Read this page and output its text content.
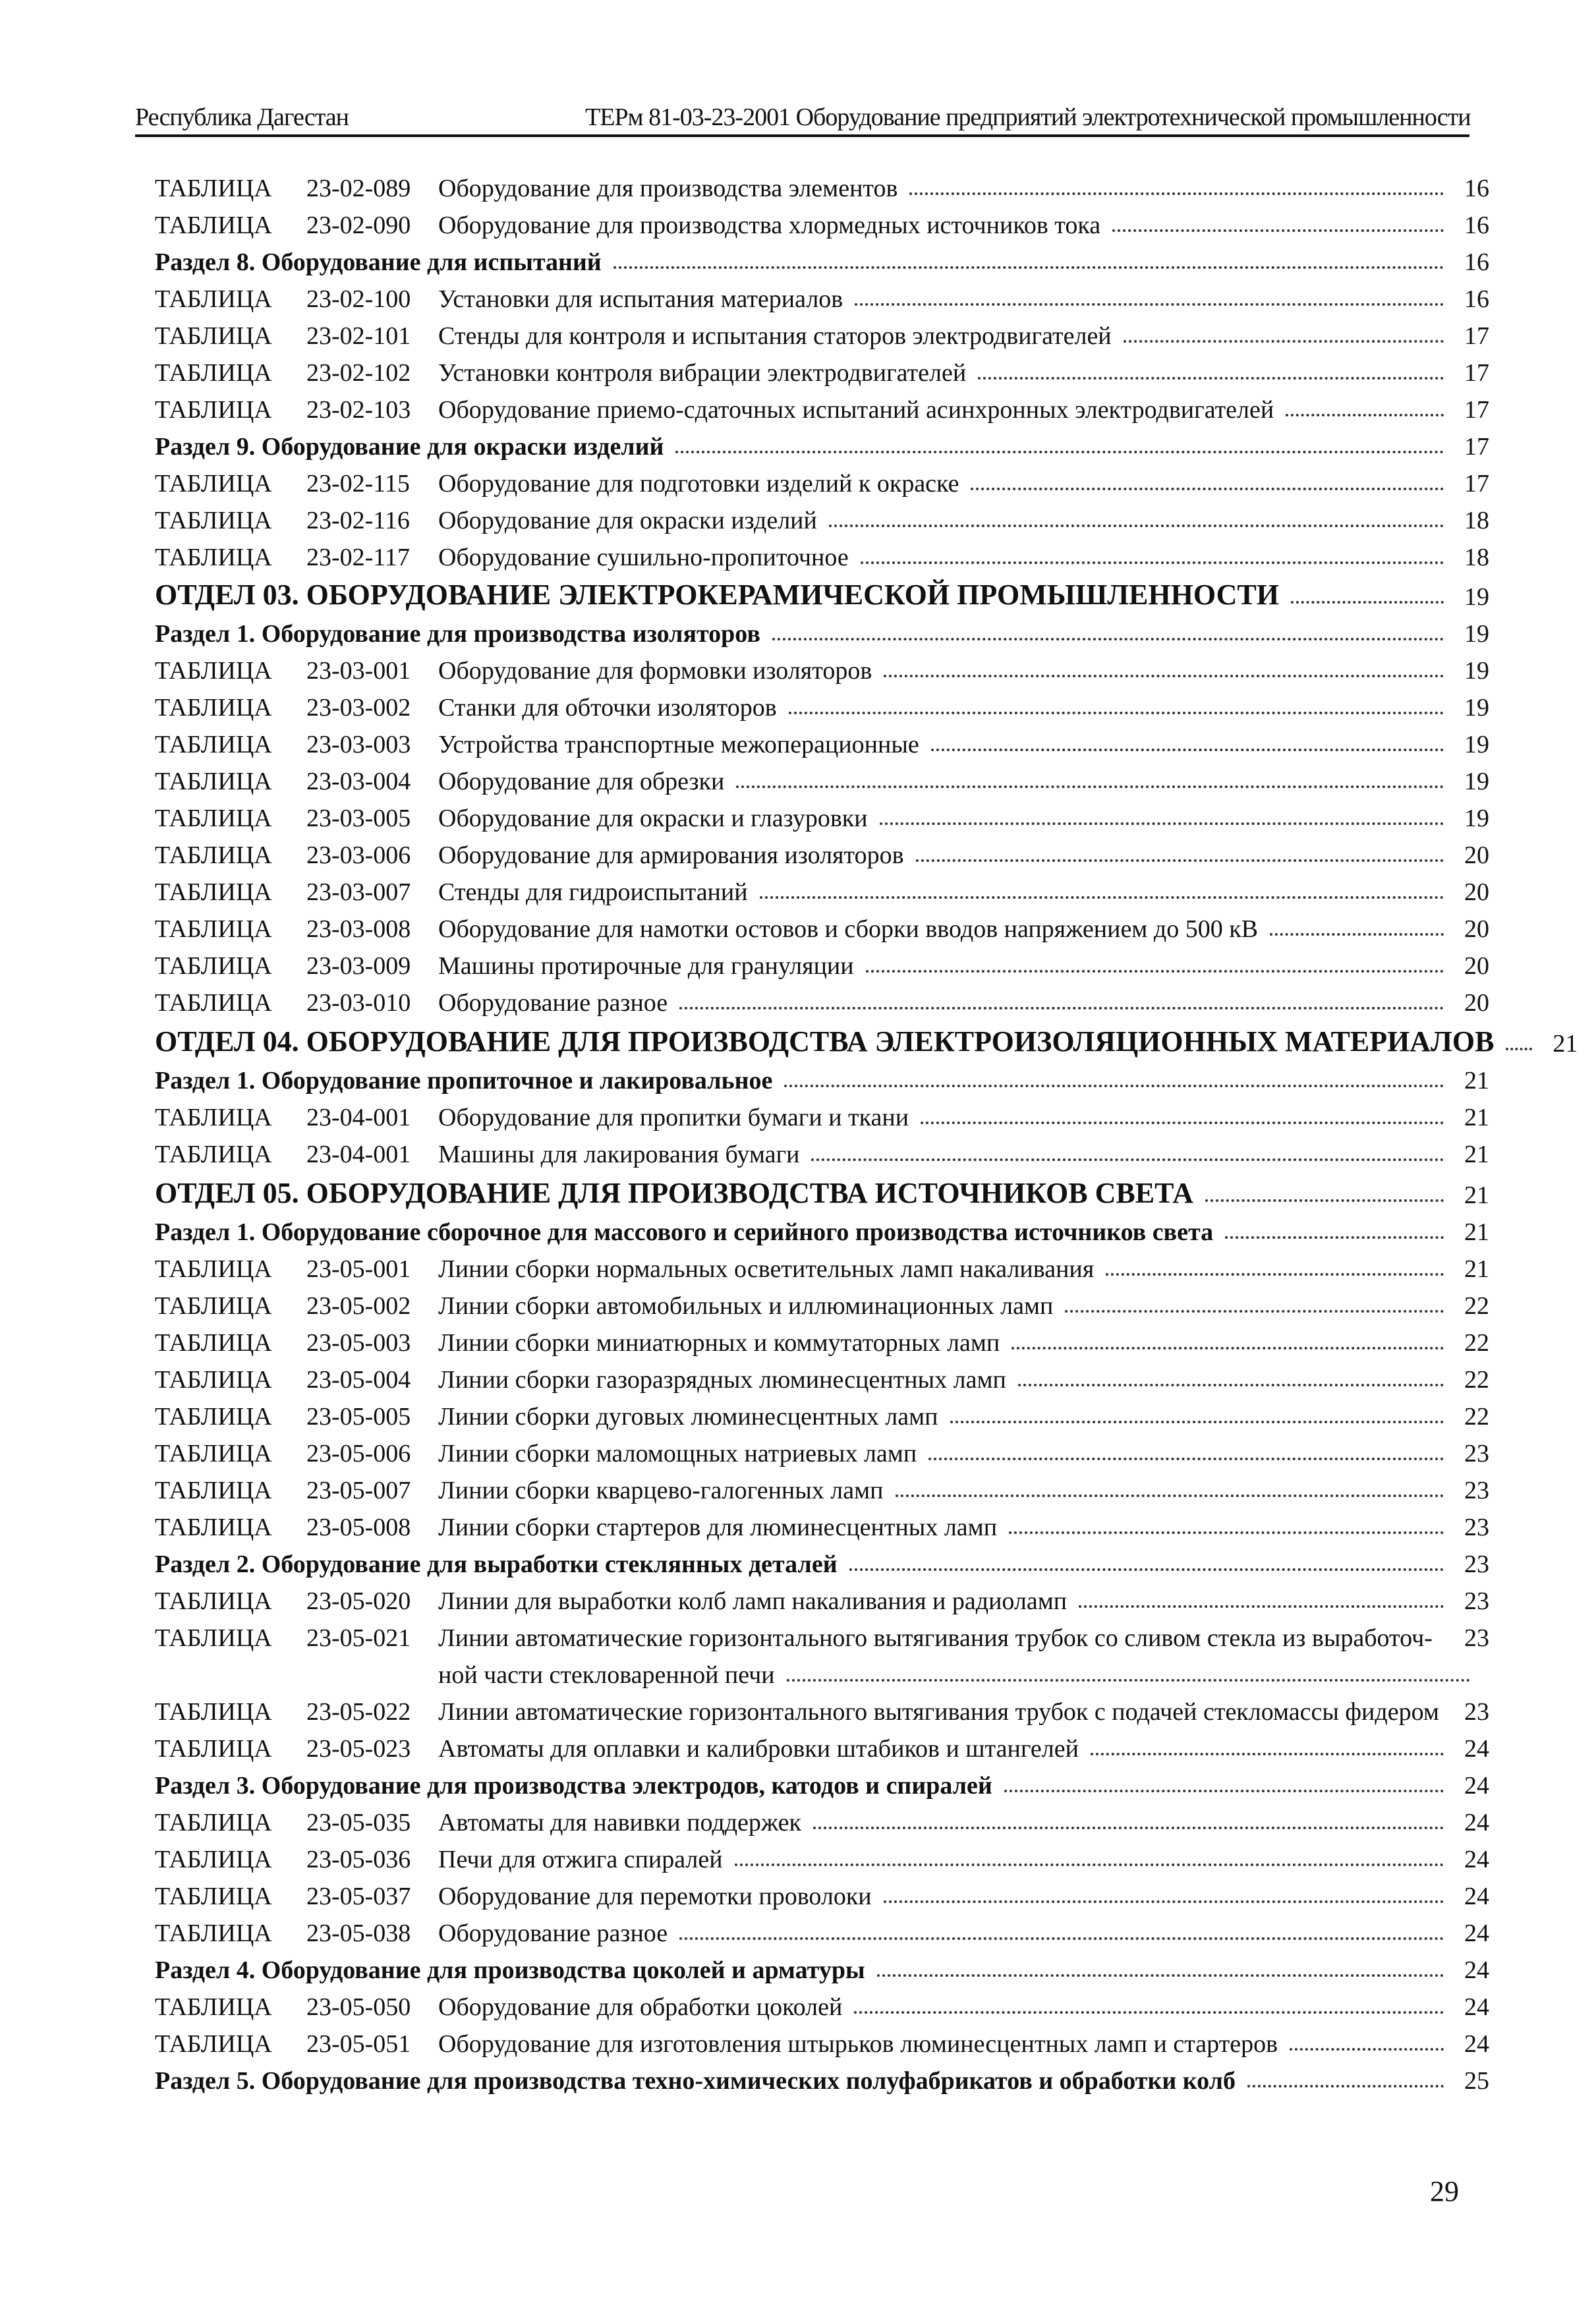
Республика Дагестан	ТЕРм 81-03-23-2001 Оборудование предприятий электротехнической промышленности
ТАБЛИЦА	23-02-089	Оборудование для производства элементов	16
ТАБЛИЦА	23-02-090	Оборудование для производства хлормедных источников тока	16
Раздел 8. Оборудование для испытаний	16
ТАБЛИЦА	23-02-100	Установки для испытания материалов	16
ТАБЛИЦА	23-02-101	Стенды для контроля и испытания статоров электродвигателей	17
ТАБЛИЦА	23-02-102	Установки контроля вибрации электродвигателей	17
ТАБЛИЦА	23-02-103	Оборудование приемо-сдаточных испытаний асинхронных электродвигателей	17
Раздел 9. Оборудование для окраски изделий	17
ТАБЛИЦА	23-02-115	Оборудование для подготовки изделий к окраске	17
ТАБЛИЦА	23-02-116	Оборудование для окраски изделий	18
ТАБЛИЦА	23-02-117	Оборудование сушильно-пропиточное	18
ОТДЕЛ 03. ОБОРУДОВАНИЕ ЭЛЕКТРОКЕРАМИЧЕСКОЙ ПРОМЫШЛЕННОСТИ	19
Раздел 1. Оборудование для производства изоляторов	19
ТАБЛИЦА	23-03-001	Оборудование для формовки изоляторов	19
ТАБЛИЦА	23-03-002	Станки для обточки изоляторов	19
ТАБЛИЦА	23-03-003	Устройства транспортные межоперационные	19
ТАБЛИЦА	23-03-004	Оборудование для обрезки	19
ТАБЛИЦА	23-03-005	Оборудование для окраски и глазуровки	19
ТАБЛИЦА	23-03-006	Оборудование для армирования изоляторов	20
ТАБЛИЦА	23-03-007	Стенды для гидроиспытаний	20
ТАБЛИЦА	23-03-008	Оборудование для намотки остовов и сборки вводов напряжением до 500 кВ	20
ТАБЛИЦА	23-03-009	Машины протирочные для грануляции	20
ТАБЛИЦА	23-03-010	Оборудование разное	20
ОТДЕЛ 04. ОБОРУДОВАНИЕ ДЛЯ ПРОИЗВОДСТВА ЭЛЕКТРОИЗОЛЯЦИОННЫХ МАТЕРИАЛОВ	21
Раздел 1. Оборудование пропиточное и лакировальное	21
ТАБЛИЦА	23-04-001	Оборудование для пропитки бумаги и ткани	21
ТАБЛИЦА	23-04-001	Машины для лакирования бумаги	21
ОТДЕЛ 05. ОБОРУДОВАНИЕ ДЛЯ ПРОИЗВОДСТВА ИСТОЧНИКОВ СВЕТА	21
Раздел 1. Оборудование сборочное для массового и серийного производства источников света	21
ТАБЛИЦА	23-05-001	Линии сборки нормальных осветительных ламп накаливания	21
ТАБЛИЦА	23-05-002	Линии сборки автомобильных и иллюминационных ламп	22
ТАБЛИЦА	23-05-003	Линии сборки миниатюрных и коммутаторных ламп	22
ТАБЛИЦА	23-05-004	Линии сборки газоразрядных люминесцентных ламп	22
ТАБЛИЦА	23-05-005	Линии сборки дуговых люминесцентных ламп	22
ТАБЛИЦА	23-05-006	Линии сборки маломощных натриевых ламп	23
ТАБЛИЦА	23-05-007	Линии сборки кварцево-галогенных ламп	23
ТАБЛИЦА	23-05-008	Линии сборки стартеров для люминесцентных ламп	23
Раздел 2. Оборудование для выработки стеклянных деталей	23
ТАБЛИЦА	23-05-020	Линии для выработки колб ламп накаливания и радиоламп	23
ТАБЛИЦА	23-05-021	Линии автоматические горизонтального вытягивания трубок со сливом стекла из выработоч-	23
ной части стекловаренной печи
ТАБЛИЦА	23-05-022	Линии автоматические горизонтального вытягивания трубок с подачей стекломассы фидером	23
ТАБЛИЦА	23-05-023	Автоматы для оплавки и калибровки штабиков и штангелей	24
Раздел 3. Оборудование для производства электродов, катодов и спиралей	24
ТАБЛИЦА	23-05-035	Автоматы для навивки поддержек	24
ТАБЛИЦА	23-05-036	Печи для отжига спиралей	24
ТАБЛИЦА	23-05-037	Оборудование для перемотки проволоки	24
ТАБЛИЦА	23-05-038	Оборудование разное	24
Раздел 4. Оборудование для производства цоколей и арматуры	24
ТАБЛИЦА	23-05-050	Оборудование для обработки цоколей	24
ТАБЛИЦА	23-05-051	Оборудование для изготовления штырьков люминесцентных ламп и стартеров	24
Раздел 5. Оборудование для производства техно-химических полуфабрикатов и обработки колб	25
29
